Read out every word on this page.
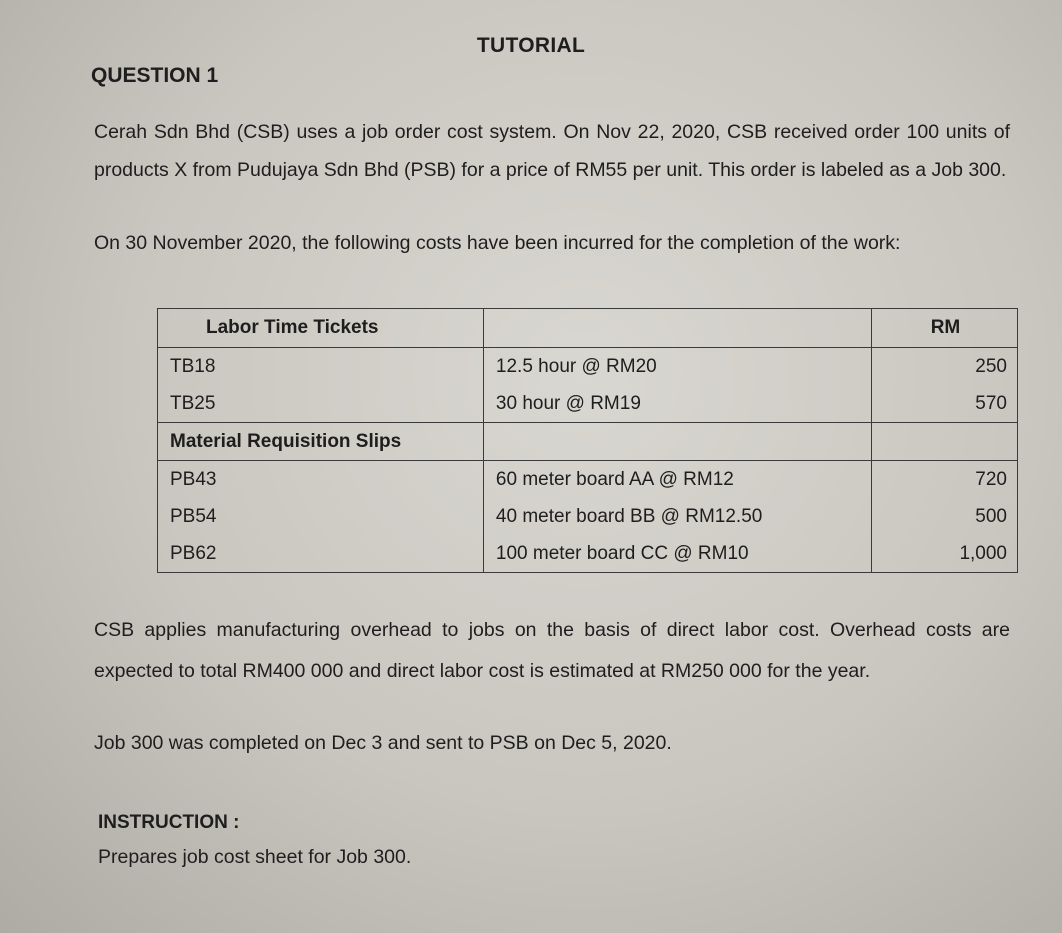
TUTORIAL
QUESTION 1

Cerah Sdn Bhd (CSB) uses a job order cost system. On Nov 22, 2020, CSB received order 100 units of products X from Pudujaya Sdn Bhd (PSB) for a price of RM55 per unit. This order is labeled as a Job 300.

On 30 November 2020, the following costs have been incurred for the completion of the work:

Labor Time Tickets		RM
TB18	12.5 hour @ RM20	250
TB25	30 hour @ RM19	570
Material Requisition Slips		
PB43	60 meter board AA @ RM12	720
PB54	40 meter board BB @ RM12.50	500
PB62	100 meter board CC @ RM10	1,000

CSB applies manufacturing overhead to jobs on the basis of direct labor cost. Overhead costs are expected to total RM400 000 and direct labor cost is estimated at RM250 000 for the year.

Job 300 was completed on Dec 3 and sent to PSB on Dec 5, 2020.

INSTRUCTION :
Prepares job cost sheet for Job 300.
